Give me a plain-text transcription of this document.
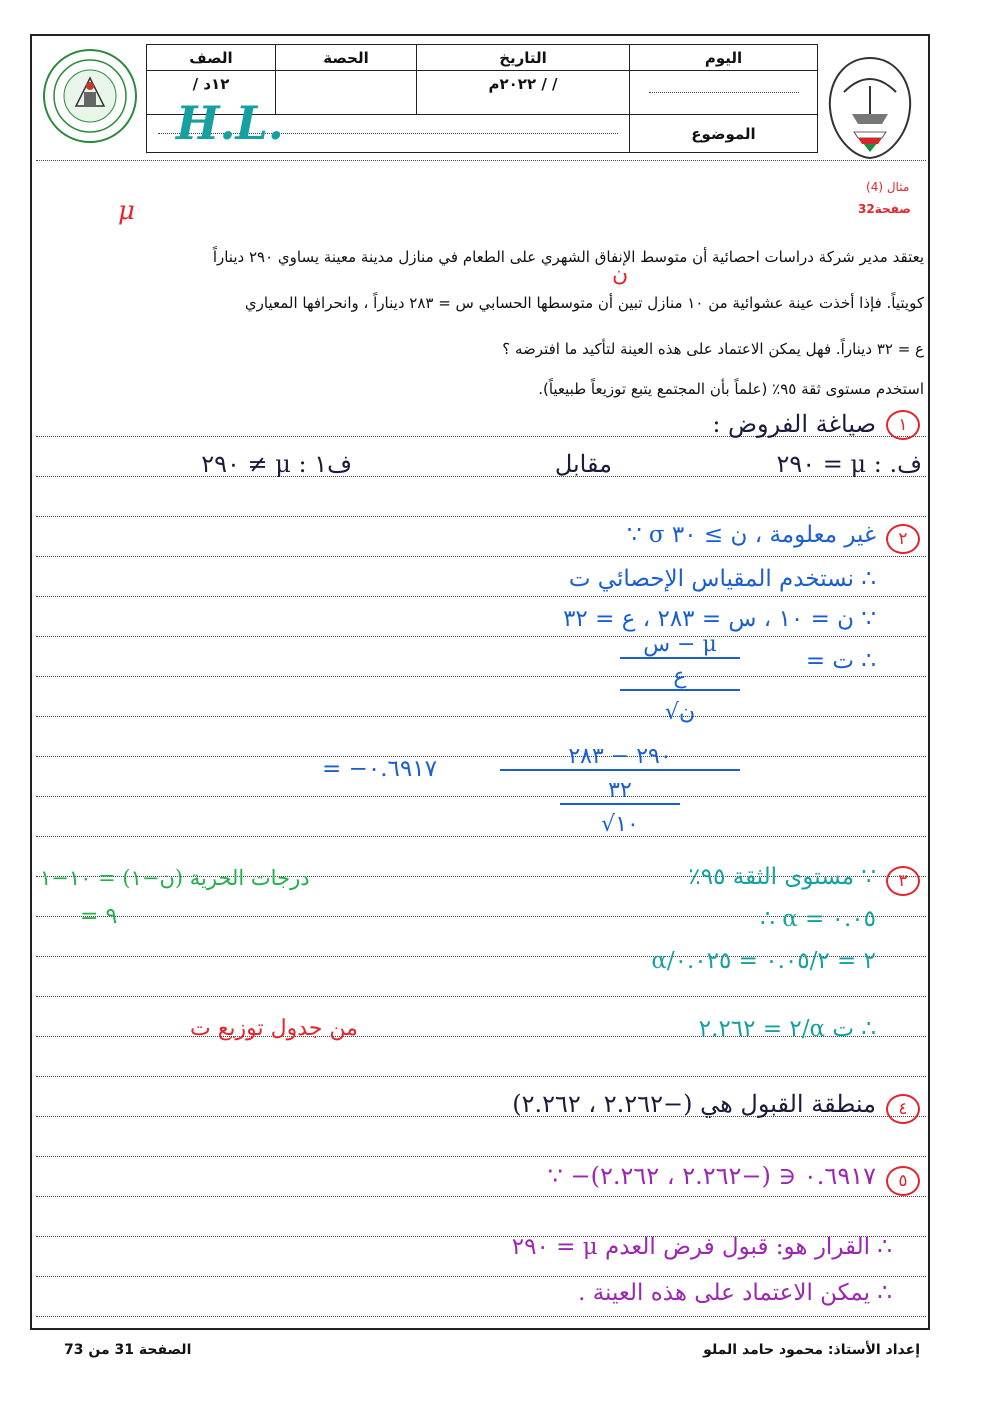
الصف	الحصة	التاريخ	اليوم
١٢د /		/ / ٢٠٢٢م	

			الموضوع
H.L.
مثال (4)
صفحة32
μ
ن
يعتقد مدير شركة دراسات احصائية أن متوسط الإنفاق الشهري على الطعام في منازل مدينة معينة يساوي ٢٩٠ ديناراً
كويتياً. فإذا أخذت عينة عشوائية من ١٠ منازل تبين أن متوسطها الحسابي س = ٢٨٣ ديناراً ، وانحرافها المعياري
ع = ٣٢ ديناراً. فهل يمكن الاعتماد على هذه العينة لتأكيد ما افترضه ؟
استخدم مستوى ثقة ٩٥٪ (علماً بأن المجتمع يتبع توزيعاً طبيعياً).
١
صياغة الفروض :
ف. : μ = ٢٩٠
مقابل
ف١ : μ ≠ ٢٩٠
٢
∵ σ غير معلومة ، ن ≥ ٣٠
∴ نستخدم المقياس الإحصائي ت
∵ ن = ١٠ ، س = ٢٨٣ ، ع = ٣٢
∴ ت =
س − μ
ع
√ن
٢٩٠ − ٢٨٣
٣٢
√١٠
= −٠.٦٩١٧
٣
∵ مستوى الثقة ٩٥٪
درجات الحرية (ن−١) = ١٠−١
= ٩	∴ α = ٠.٠٥
α/٢ = ٠.٠٥/٢ = ٠.٠٢٥
∴ ت α/٢ = ٢.٢٦٢
من جدول توزيع ت
٤
منطقة القبول هي (−٢.٢٦٢ ، ٢.٢٦٢)
٥
∵ −٠.٦٩١٧ ∈ (−٢.٢٦٢ ، ٢.٢٦٢)
∴ القرار هو: قبول فرض العدم μ = ٢٩٠
∴ يمكن الاعتماد على هذه العينة .
إعداد الأستاذ: محمود حامد الملو
الصفحة 31 من 73
